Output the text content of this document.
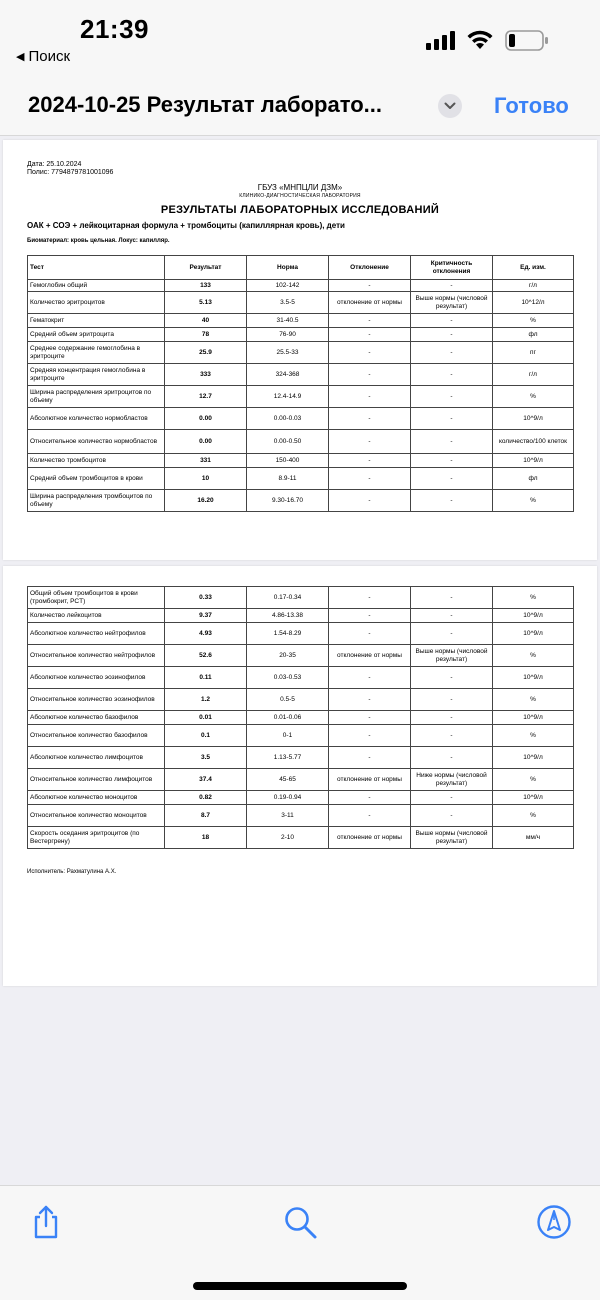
21:39
◀ Поиск
2024-10-25 Результат лаборато...	Готово
Дата: 25.10.2024
Полис: 7794879781001096
ГБУЗ «МНПЦЛИ ДЗМ»
КЛИНИКО-ДИАГНОСТИЧЕСКАЯ ЛАБОРАТОРИЯ
РЕЗУЛЬТАТЫ ЛАБОРАТОРНЫХ ИССЛЕДОВАНИЙ
ОАК + СОЭ + лейкоцитарная формула + тромбоциты (капиллярная кровь), дети
Биоматериал: кровь цельная. Локус: капилляр.
Тест	Результат	Норма	Отклонение	Критичность отклонения	Ед. изм.
Гемоглобин общий	133	102-142	-	-	г/л
Количество эритроцитов	5.13	3.5-5	отклонение от нормы	Выше нормы (числовой результат)	10^12/л
Гематокрит	40	31-40.5	-	-	%
Средний объем эритроцита	78	76-90	-	-	фл
Среднее содержание гемоглобина в эритроците	25.9	25.5-33	-	-	пг
Средняя концентрация гемоглобина в эритроците	333	324-368	-	-	г/л
Ширина распределения эритроцитов по объему	12.7	12.4-14.9	-	-	%
Абсолютное количество нормобластов	0.00	0.00-0.03	-	-	10^9/л
Относительное количество нормобластов	0.00	0.00-0.50	-	-	количество/100 клеток
Количество тромбоцитов	331	150-400	-	-	10^9/л
Средний объем тромбоцитов в крови	10	8.9-11	-	-	фл
Ширина распределения тромбоцитов по объему	16.20	9.30-16.70	-	-	%
Общий объем тромбоцитов в крови (тромбокрит, PCT)	0.33	0.17-0.34	-	-	%
Количество лейкоцитов	9.37	4.86-13.38	-	-	10^9/л
Абсолютное количество нейтрофилов	4.93	1.54-8.29	-	-	10^9/л
Относительное количество нейтрофилов	52.6	20-35	отклонение от нормы	Выше нормы (числовой результат)	%
Абсолютное количество эозинофилов	0.11	0.03-0.53	-	-	10^9/л
Относительное количество эозинофилов	1.2	0.5-5	-	-	%
Абсолютное количество базофилов	0.01	0.01-0.06	-	-	10^9/л
Относительное количество базофилов	0.1	0-1	-	-	%
Абсолютное количество лимфоцитов	3.5	1.13-5.77	-	-	10^9/л
Относительное количество лимфоцитов	37.4	45-65	отклонение от нормы	Ниже нормы (числовой результат)	%
Абсолютное количество моноцитов	0.82	0.19-0.94	-	-	10^9/л
Относительное количество моноцитов	8.7	3-11	-	-	%
Скорость оседания эритроцитов (по Вестергрену)	18	2-10	отклонение от нормы	Выше нормы (числовой результат)	мм/ч
Исполнитель: Рахматулина А.Х.
